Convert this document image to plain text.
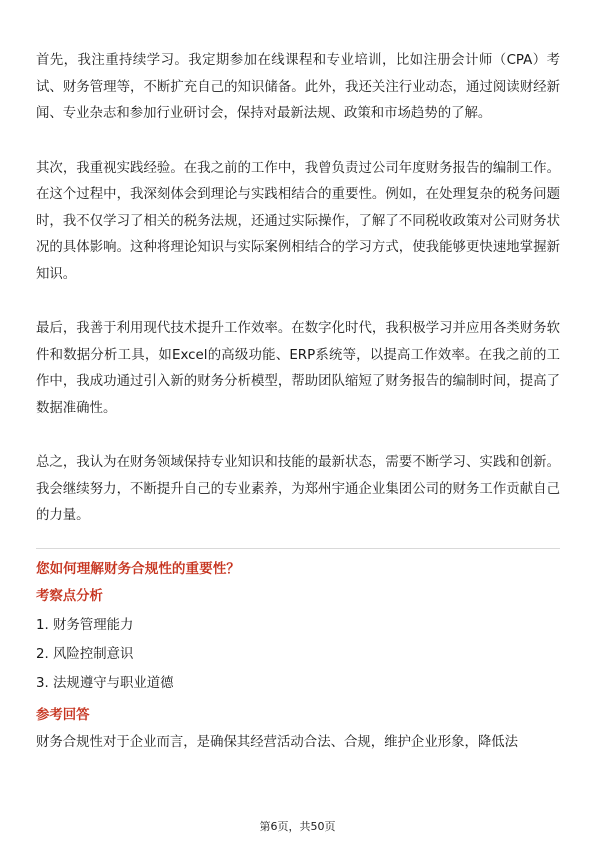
首先，我注重持续学习。我定期参加在线课程和专业培训，比如注册会计师（CPA）考试、财务管理等，不断扩充自己的知识储备。此外，我还关注行业动态，通过阅读财经新闻、专业杂志和参加行业研讨会，保持对最新法规、政策和市场趋势的了解。

其次，我重视实践经验。在我之前的工作中，我曾负责过公司年度财务报告的编制工作。在这个过程中，我深刻体会到理论与实践相结合的重要性。例如，在处理复杂的税务问题时，我不仅学习了相关的税务法规，还通过实际操作，了解了不同税收政策对公司财务状况的具体影响。这种将理论知识与实际案例相结合的学习方式，使我能够更快速地掌握新知识。

最后，我善于利用现代技术提升工作效率。在数字化时代，我积极学习并应用各类财务软件和数据分析工具，如Excel的高级功能、ERP系统等，以提高工作效率。在我之前的工作中，我成功通过引入新的财务分析模型，帮助团队缩短了财务报告的编制时间，提高了数据准确性。

总之，我认为在财务领域保持专业知识和技能的最新状态，需要不断学习、实践和创新。我会继续努力，不断提升自己的专业素养，为郑州宇通企业集团公司的财务工作贡献自己的力量。

您如何理解财务合规性的重要性？
考察点分析
1. 财务管理能力
2. 风险控制意识
3. 法规遵守与职业道德
参考回答

财务合规性对于企业而言，是确保其经营活动合法、合规，维护企业形象，降低法

第6页，共50页
